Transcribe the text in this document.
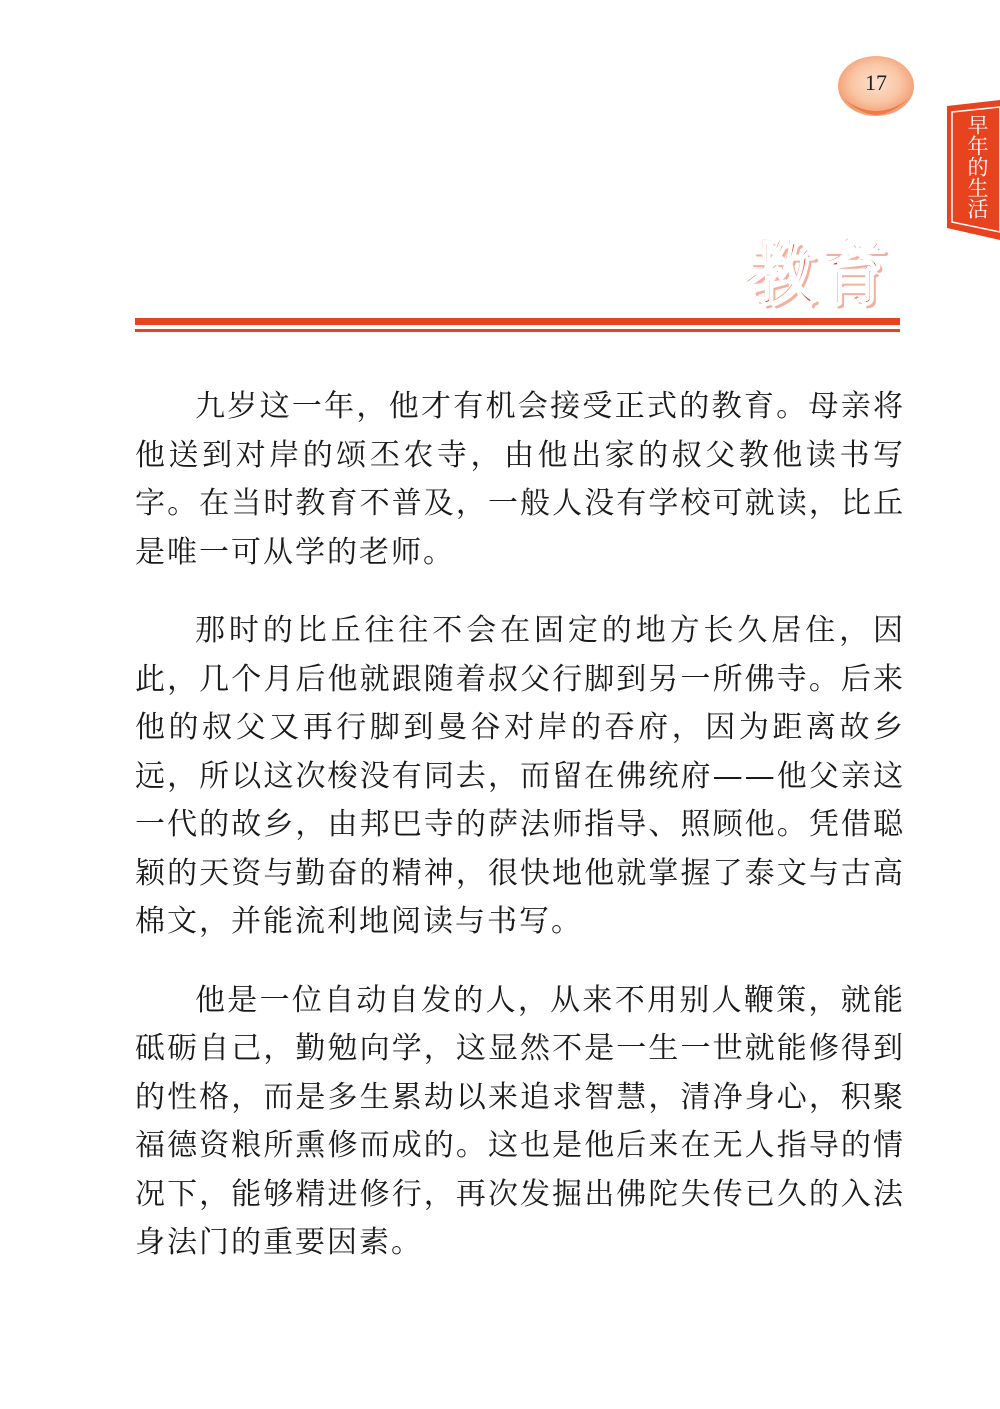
17
早年的生活
教育

九岁这一年，他才有机会接受正式的教育。母亲将他送到对岸的颂丕农寺，由他出家的叔父教他读书写字。在当时教育不普及，一般人没有学校可就读，比丘是唯一可从学的老师。

那时的比丘往往不会在固定的地方长久居住，因此，几个月后他就跟随着叔父行脚到另一所佛寺。后来他的叔父又再行脚到曼谷对岸的吞府，因为距离故乡远，所以这次梭没有同去，而留在佛统府——他父亲这一代的故乡，由邦巴寺的萨法师指导、照顾他。凭借聪颖的天资与勤奋的精神，很快地他就掌握了泰文与古高棉文，并能流利地阅读与书写。

他是一位自动自发的人，从来不用别人鞭策，就能砥砺自己，勤勉向学，这显然不是一生一世就能修得到的性格，而是多生累劫以来追求智慧，清净身心，积聚福德资粮所熏修而成的。这也是他后来在无人指导的情况下，能够精进修行，再次发掘出佛陀失传已久的入法身法门的重要因素。
